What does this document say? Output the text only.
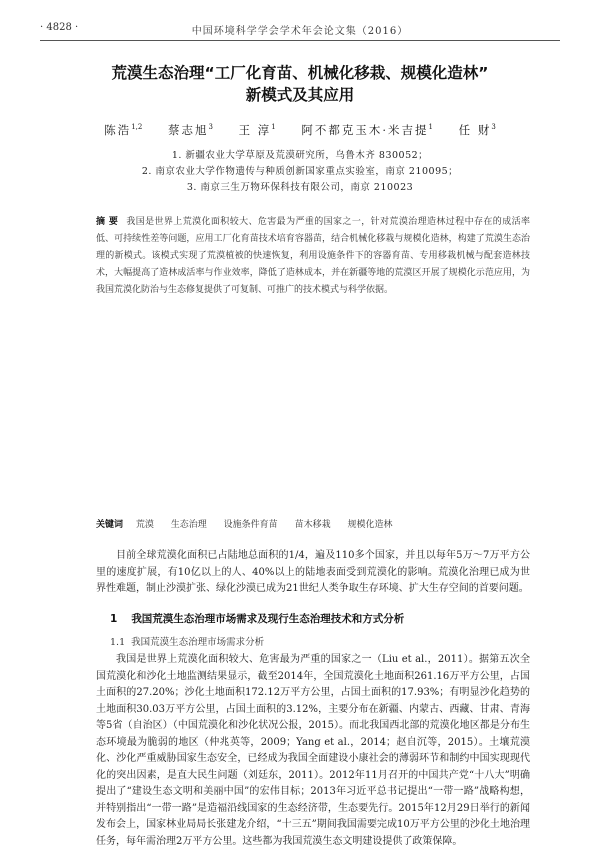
· 4828 ·	中国环境科学学会学术年会论文集（2016）
荒漠生态治理“工厂化育苗、机械化移栽、规模化造林”
新模式及其应用
陈浩$^{1,2}$ 蔡志旭$^3$ 王 淳$^1$ 阿不都克玉木·米吉提$^1$ 任 财$^3$
1. 新疆农业大学草原及荒漠研究所，乌鲁木齐 830052；
2. 南京农业大学作物遗传与种质创新国家重点实验室，南京 210095；
3. 南京三生万物环保科技有限公司，南京 210023
摘 要 我国是世界上荒漠化面积较大、危害最为严重的国家之一，针对荒漠治理造林过程中存在的成活率低、可持续性差等问题，应用工厂化育苗技术培育容器苗，结合机械化移栽与规模化造林，构建了荒漠生态治理的新模式。该模式实现了荒漠植被的快速恢复，利用设施条件下的容器育苗、专用移栽机械与配套造林技术，大幅提高了造林成活率与作业效率，降低了造林成本，并在新疆等地的荒漠区开展了规模化示范应用，为我国荒漠化防治与生态修复提供了可复制、可推广的技术模式与科学依据。
关键词 荒漠 生态治理 设施条件育苗 苗木移栽 规模化造林

目前全球荒漠化面积已占陆地总面积的1/4，遍及110多个国家，并且以每年5万～7万平方公里的速度扩展，有10亿以上的人、40%以上的陆地表面受到荒漠化的影响。荒漠化治理已成为世界性难题，制止沙漠扩张、绿化沙漠已成为21世纪人类争取生存环境、扩大生存空间的首要问题。

1 我国荒漠生态治理市场需求及现行生态治理技术和方式分析
1.1 我国荒漠生态治理市场需求分析

我国是世界上荒漠化面积较大、危害最为严重的国家之一（Liu et al.，2011）。据第五次全国荒漠化和沙化土地监测结果显示，截至2014年，全国荒漠化土地面积261.16万平方公里，占国土面积的27.20%；沙化土地面积172.12万平方公里，占国土面积的17.93%；有明显沙化趋势的土地面积30.03万平方公里，占国土面积的3.12%，主要分布在新疆、内蒙古、西藏、甘肃、青海等5省（自治区）（中国荒漠化和沙化状况公报，2015）。而北我国西北部的荒漠化地区都是分布生态环境最为脆弱的地区（仲兆英等，2009；Yang et al.，2014；赵自沉等，2015）。土壤荒漠化、沙化严重威胁国家生态安全，已经成为我国全面建设小康社会的薄弱环节和制约中国实现现代化的突出因素，是直大民生问题（刘廷东，2011）。2012年11月召开的中国共产党“十八大”明确提出了“建设生态文明和美丽中国”的宏伟目标；2013年习近平总书记提出“一带一路”战略构想，并特别指出“一带一路”是造福沿线国家的生态经济带，生态要先行。2015年12月29日举行的新闻发布会上，国家林业局局长张建龙介绍，“十三五”期间我国需要完成10万平方公里的沙化土地治理任务，每年需治理2万平方公里。这些都为我国荒漠生态文明建设提供了政策保障。
